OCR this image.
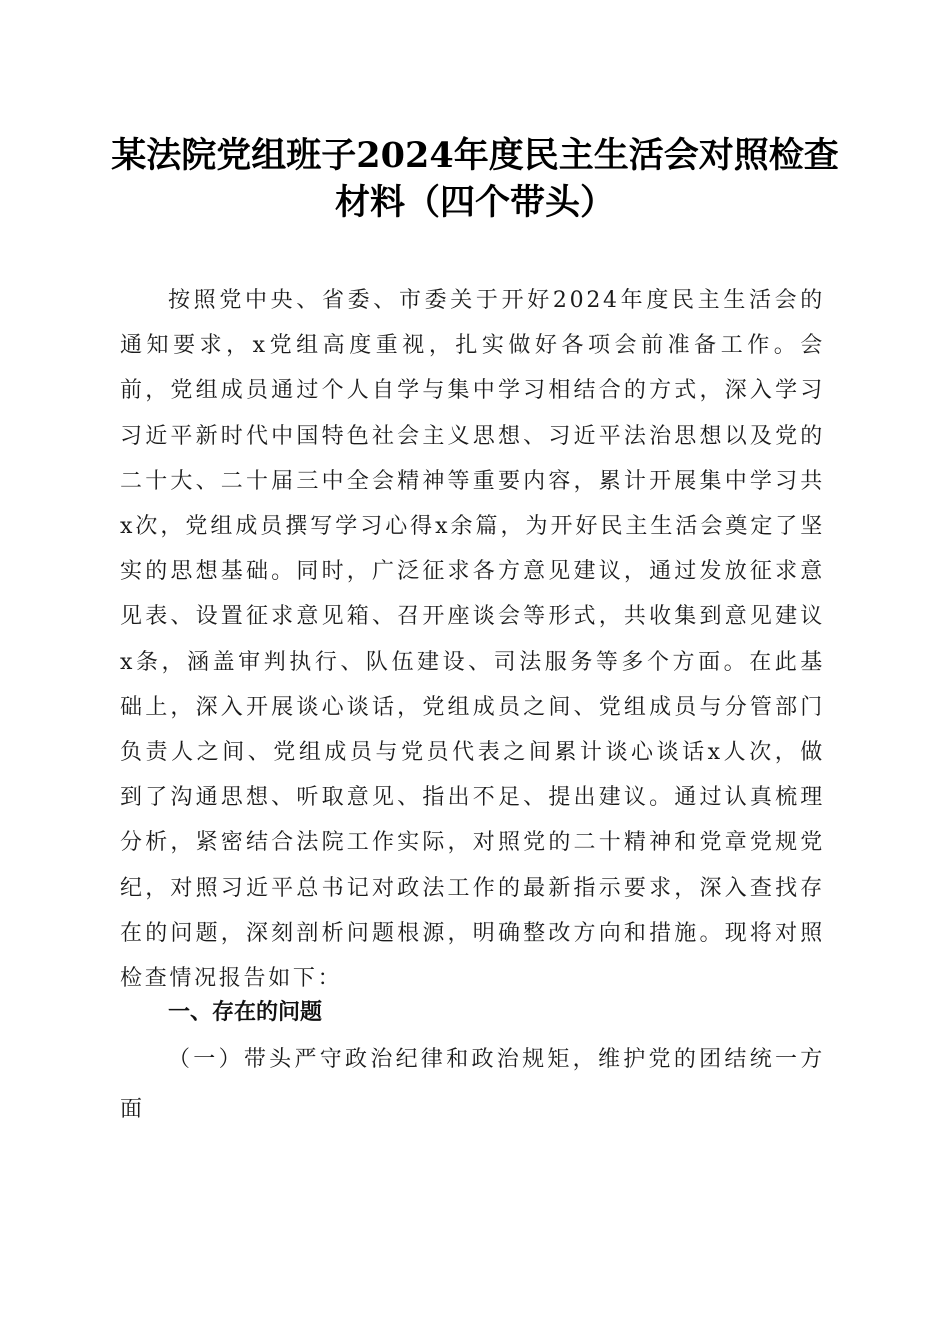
某法院党组班子2024年度民主生活会对照检查材料（四个带头）

按照党中央、省委、市委关于开好2024年度民主生活会的通知要求，x党组高度重视，扎实做好各项会前准备工作。会前，党组成员通过个人自学与集中学习相结合的方式，深入学习习近平新时代中国特色社会主义思想、习近平法治思想以及党的二十大、二十届三中全会精神等重要内容，累计开展集中学习共x次，党组成员撰写学习心得x余篇，为开好民主生活会奠定了坚实的思想基础。同时，广泛征求各方意见建议，通过发放征求意见表、设置征求意见箱、召开座谈会等形式，共收集到意见建议x条，涵盖审判执行、队伍建设、司法服务等多个方面。在此基础上，深入开展谈心谈话，党组成员之间、党组成员与分管部门负责人之间、党组成员与党员代表之间累计谈心谈话x人次，做到了沟通思想、听取意见、指出不足、提出建议。通过认真梳理分析，紧密结合法院工作实际，对照党的二十精神和党章党规党纪，对照习近平总书记对政法工作的最新指示要求，深入查找存在的问题，深刻剖析问题根源，明确整改方向和措施。现将对照检查情况报告如下：

一、存在的问题

（一）带头严守政治纪律和政治规矩，维护党的团结统一方面
